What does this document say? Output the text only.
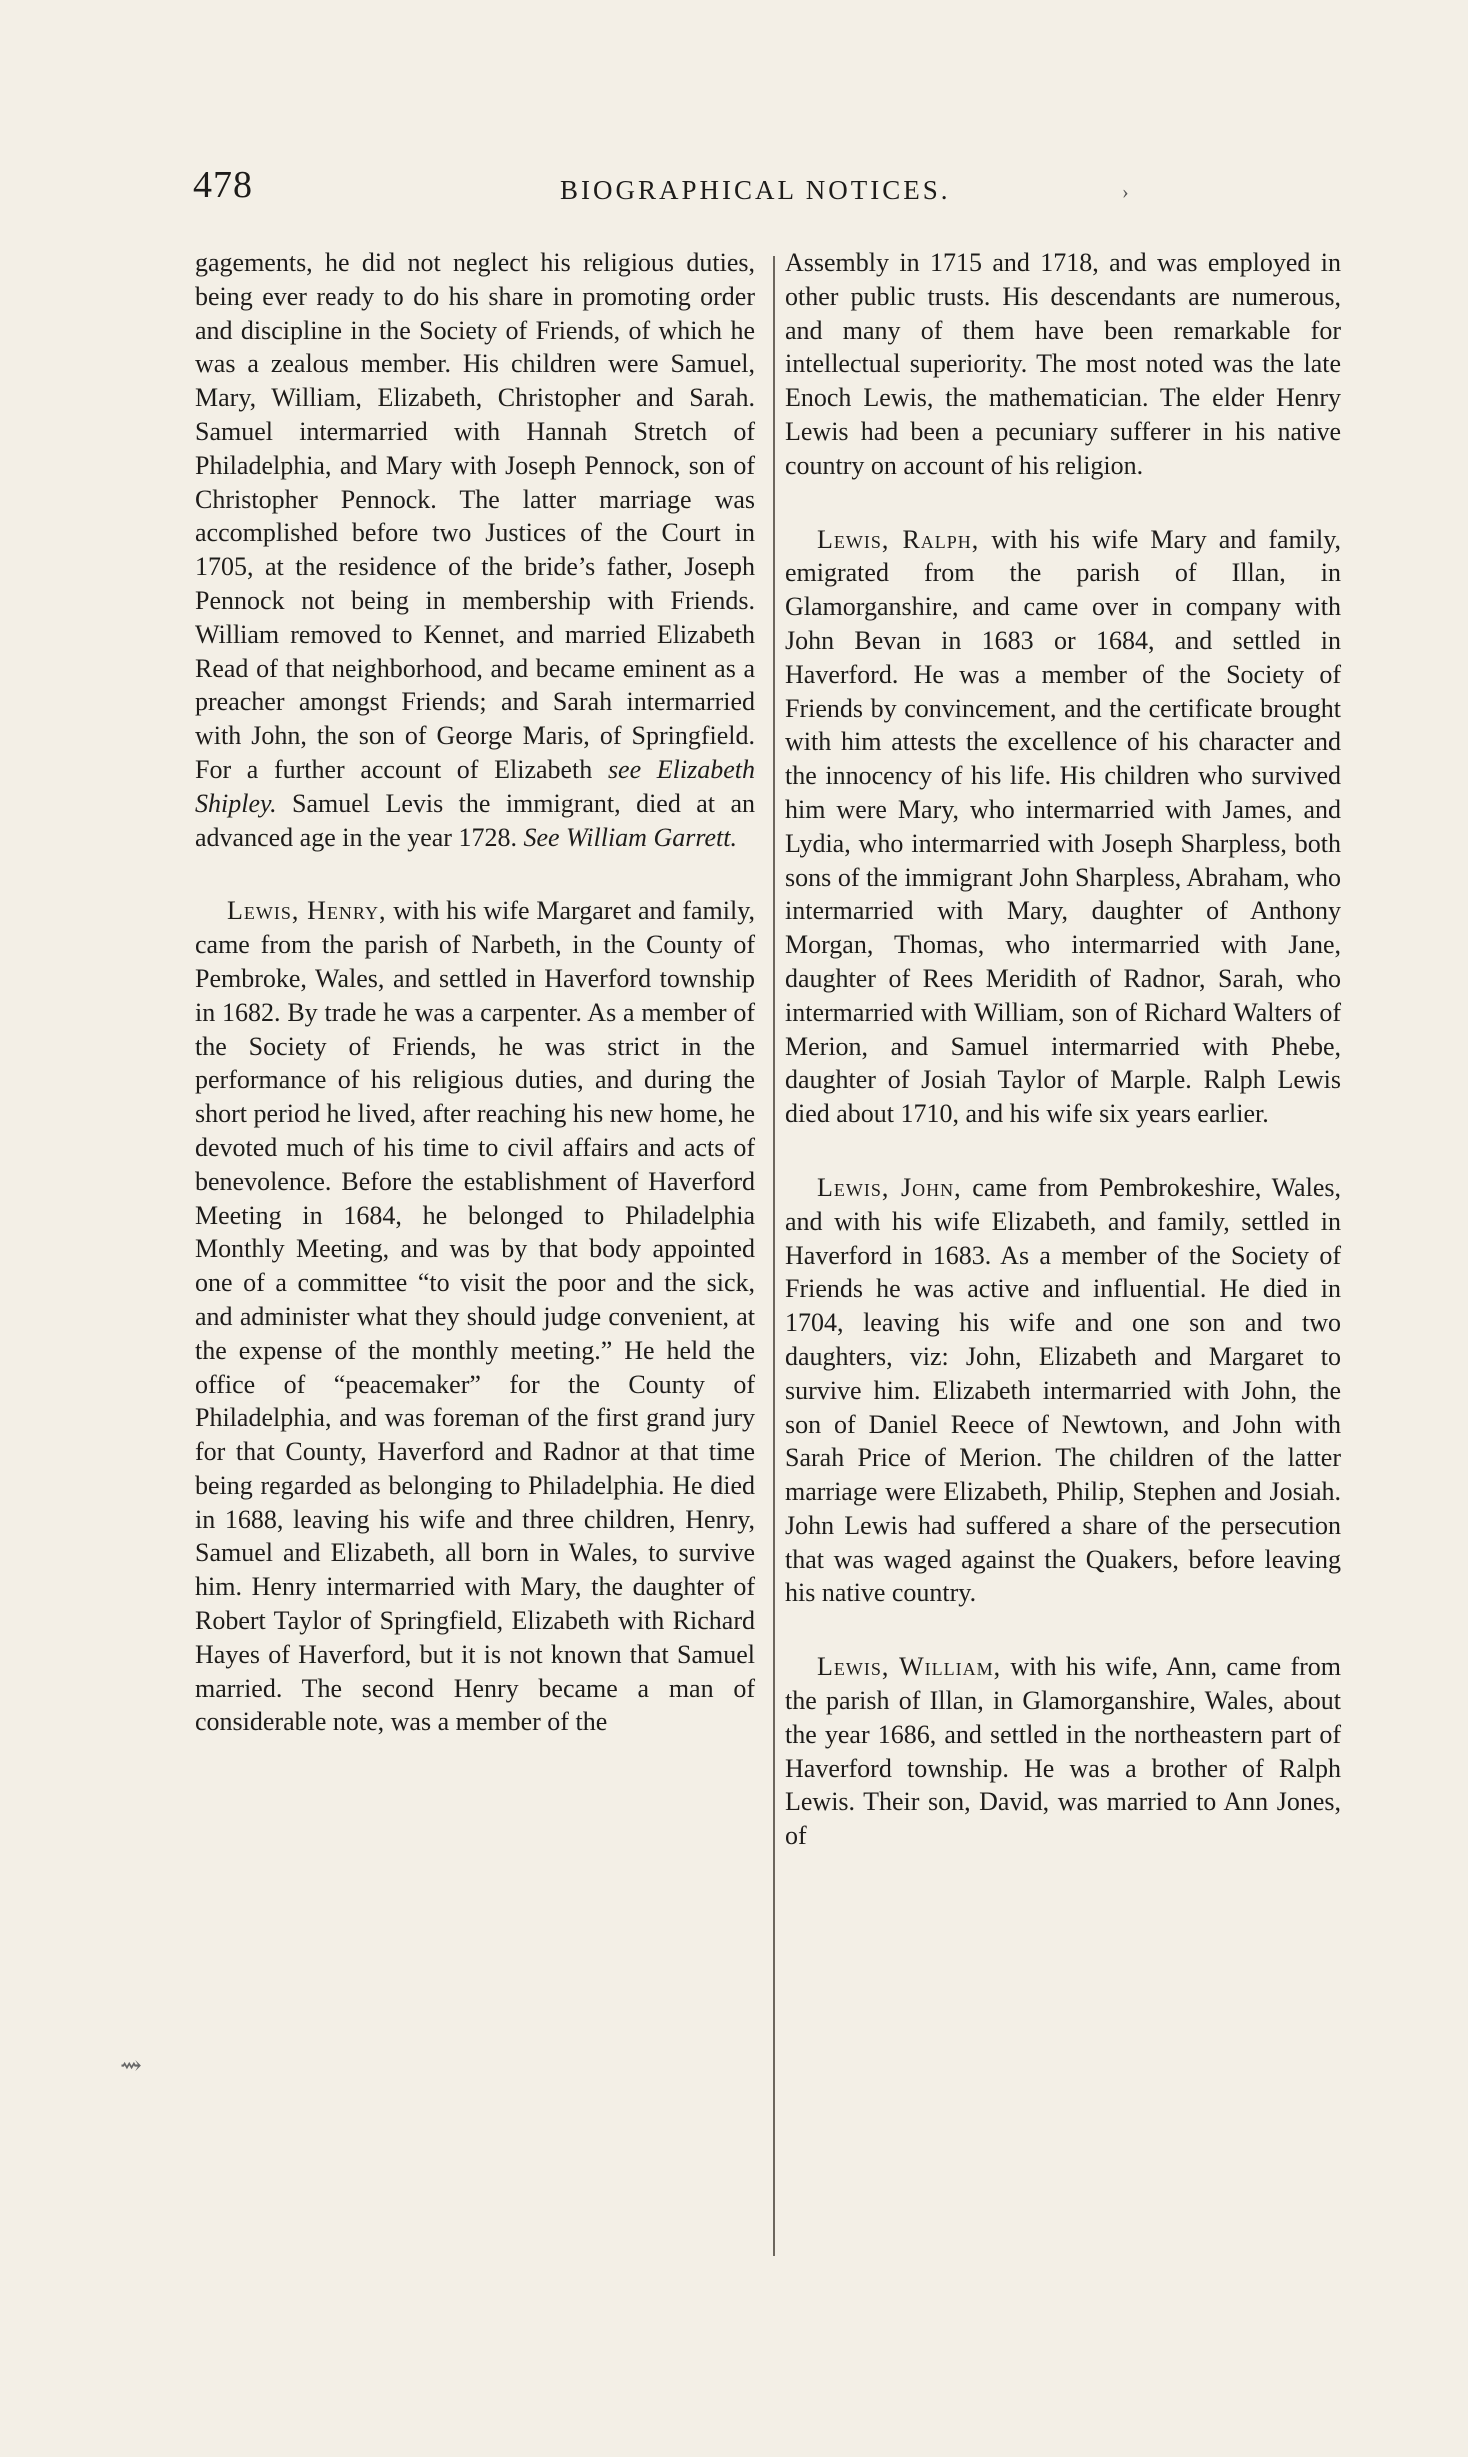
478	BIOGRAPHICAL NOTICES.	›
⇝

gagements, he did not neglect his religious duties, being ever ready to do his share in promoting order and discipline in the Society of Friends, of which he was a zealous member. His children were Samuel, Mary, William, Elizabeth, Christopher and Sarah. Samuel intermarried with Hannah Stretch of Philadelphia, and Mary with Joseph Pennock, son of Christopher Pennock. The latter marriage was accomplished before two Justices of the Court in 1705, at the residence of the bride’s father, Joseph Pennock not being in membership with Friends. William removed to Kennet, and married Elizabeth Read of that neighborhood, and became eminent as a preacher amongst Friends; and Sarah intermarried with John, the son of George Maris, of Springfield. For a further account of Elizabeth see Elizabeth Shipley. Samuel Levis the immigrant, died at an advanced age in the year 1728. See William Garrett.

Lewis, Henry, with his wife Margaret and family, came from the parish of Narbeth, in the County of Pembroke, Wales, and settled in Haverford township in 1682. By trade he was a carpenter. As a member of the Society of Friends, he was strict in the performance of his religious duties, and during the short period he lived, after reaching his new home, he devoted much of his time to civil affairs and acts of benevolence. Before the establishment of Haverford Meeting in 1684, he belonged to Philadelphia Monthly Meeting, and was by that body appointed one of a committee “to visit the poor and the sick, and administer what they should judge convenient, at the expense of the monthly meeting.” He held the office of “peacemaker” for the County of Philadelphia, and was foreman of the first grand jury for that County, Haverford and Radnor at that time being regarded as belonging to Philadelphia. He died in 1688, leaving his wife and three children, Henry, Samuel and Elizabeth, all born in Wales, to survive him. Henry intermarried with Mary, the daughter of Robert Taylor of Springfield, Elizabeth with Richard Hayes of Haverford, but it is not known that Samuel married. The second Henry became a man of considerable note, was a member of the

Assembly in 1715 and 1718, and was employed in other public trusts. His descendants are numerous, and many of them have been remarkable for intellectual superiority. The most noted was the late Enoch Lewis, the mathematician. The elder Henry Lewis had been a pecuniary sufferer in his native country on account of his religion.

Lewis, Ralph, with his wife Mary and family, emigrated from the parish of Illan, in Glamorganshire, and came over in company with John Bevan in 1683 or 1684, and settled in Haverford. He was a member of the Society of Friends by convincement, and the certificate brought with him attests the excellence of his character and the innocency of his life. His children who survived him were Mary, who intermarried with James, and Lydia, who intermarried with Joseph Sharpless, both sons of the immigrant John Sharpless, Abraham, who intermarried with Mary, daughter of Anthony Morgan, Thomas, who intermarried with Jane, daughter of Rees Meridith of Radnor, Sarah, who intermarried with William, son of Richard Walters of Merion, and Samuel intermarried with Phebe, daughter of Josiah Taylor of Marple. Ralph Lewis died about 1710, and his wife six years earlier.

Lewis, John, came from Pembrokeshire, Wales, and with his wife Elizabeth, and family, settled in Haverford in 1683. As a member of the Society of Friends he was active and influential. He died in 1704, leaving his wife and one son and two daughters, viz: John, Elizabeth and Margaret to survive him. Elizabeth intermarried with John, the son of Daniel Reece of Newtown, and John with Sarah Price of Merion. The children of the latter marriage were Elizabeth, Philip, Stephen and Josiah. John Lewis had suffered a share of the persecution that was waged against the Quakers, before leaving his native country.

Lewis, William, with his wife, Ann, came from the parish of Illan, in Glamorganshire, Wales, about the year 1686, and settled in the northeastern part of Haverford township. He was a brother of Ralph Lewis. Their son, David, was married to Ann Jones, of
